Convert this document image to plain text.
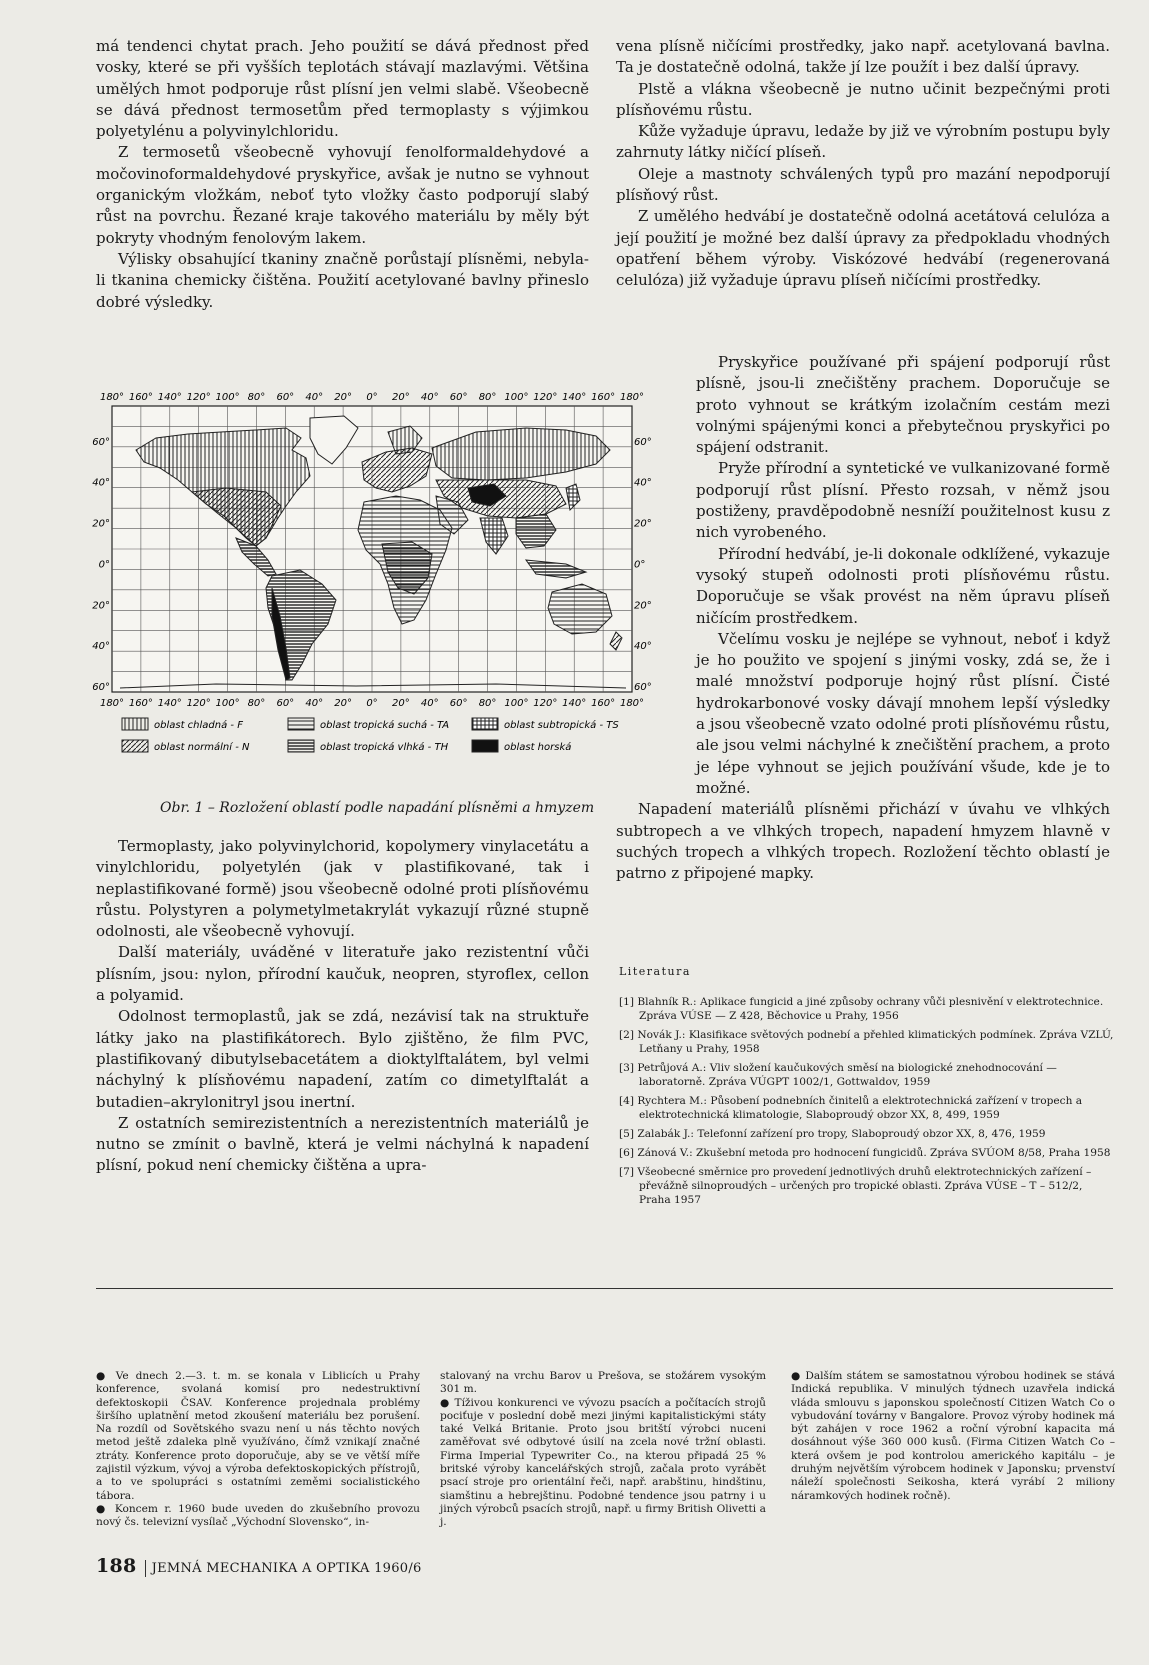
má tendenci chytat prach. Jeho použití se dává přednost před vosky, které se při vyšších teplotách stávají mazlavými. Většina umělých hmot podporuje růst plísní jen velmi slabě. Všeobecně se dává přednost termosetům před termoplasty s výjimkou polyetylénu a polyvinylchloridu.

Z termosetů všeobecně vyhovují fenolformaldehydové a močovinoformaldehydové pryskyřice, avšak je nutno se vyhnout organickým vložkám, neboť tyto vložky často podporují slabý růst na povrchu. Řezané kraje takového materiálu by měly být pokryty vhodným fenolovým lakem.

Výlisky obsahující tkaniny značně porůstají plísněmi, nebyla-li tkanina chemicky čištěna. Použití acetylované bavlny přineslo dobré výsledky.

vena plísně ničícími prostředky, jako např. acetylovaná bavlna. Ta je dostatečně odolná, takže jí lze použít i bez další úpravy.

Plstě a vlákna všeobecně je nutno učinit bezpečnými proti plísňovému růstu.

Kůže vyžaduje úpravu, ledaže by již ve výrobním postupu byly zahrnuty látky ničící plíseň.

Oleje a mastnoty schválených typů pro mazání nepodporují plísňový růst.

Z umělého hedvábí je dostatečně odolná acetátová celulóza a její použití je možné bez další úpravy za předpokladu vhodných opatření během výroby. Viskózové hedvábí (regenerovaná celulóza) již vyžaduje úpravu plíseň ničícími prostředky.

180° 160° 140° 120° 100° 80° 60° 40° 20° 0° 20° 40° 60° 80° 100° 120° 140° 160° 180°
180° 160° 140° 120° 100° 80° 60° 40° 20° 0° 20° 40° 60° 80° 100° 120° 140° 160° 180°
60°
40°
20°
0°
20°
40°
60°
60°
40°
20°
0°
20°
40°
60°
oblast chladná - F	oblast tropická suchá - TA	oblast subtropická - TS
oblast normální - N	oblast tropická vlhká - TH	oblast horská
Obr. 1 – Rozložení oblastí podle napadání plísněmi a hmyzem

Pryskyřice používané při spájení podporují růst plísně, jsou-li znečištěny prachem. Doporučuje se proto vyhnout se krátkým izolačním cestám mezi volnými spájenými konci a přebytečnou pryskyřici po spájení odstranit.

Pryže přírodní a syntetické ve vulkanizované formě podporují růst plísní. Přesto rozsah, v němž jsou postiženy, pravděpodobně nesníží použitelnost kusu z nich vyrobeného.

Přírodní hedvábí, je-li dokonale odklížené, vykazuje vysoký stupeň odolnosti proti plísňovému růstu. Doporučuje se však provést na něm úpravu plíseň ničícím prostředkem.

Včelímu vosku je nejlépe se vyhnout, neboť i když je ho použito ve spojení s jinými vosky, zdá se, že i malé množství podporuje hojný růst plísní. Čisté hydrokarbonové vosky dávají mnohem lepší výsledky a jsou všeobecně vzato odolné proti plísňovému růstu, ale jsou velmi náchylné k znečištění prachem, a proto je lépe vyhnout se jejich používání všude, kde je to možné.

Napadení materiálů plísněmi přichází v úvahu ve vlhkých subtropech a ve vlhkých tropech, napadení hmyzem hlavně v suchých tropech a vlhkých tropech. Rozložení těchto oblastí je patrno z připojené mapky.

Termoplasty, jako polyvinylchorid, kopolymery vinylacetátu a vinylchloridu, polyetylén (jak v plastifikované, tak i neplastifikované formě) jsou všeobecně odolné proti plísňovému růstu. Polystyren a polymetylmetakrylát vykazují různé stupně odolnosti, ale všeobecně vyhovují.

Další materiály, uváděné v literatuře jako rezistentní vůči plísním, jsou: nylon, přírodní kaučuk, neopren, styroflex, cellon a polyamid.

Odolnost termoplastů, jak se zdá, nezávisí tak na struktuře látky jako na plastifikátorech. Bylo zjištěno, že film PVC, plastifikovaný dibutylsebacetátem a dioktylftalátem, byl velmi náchylný k plísňovému napadení, zatím co dimetylftalát a butadien–akrylonitryl jsou inertní.

Z ostatních semirezistentních a nerezistentních materiálů je nutno se zmínit o bavlně, která je velmi náchylná k napadení plísní, pokud není chemicky čištěna a upra-

Literatura

[1] Blahník R.: Aplikace fungicid a jiné způsoby ochrany vůči plesnivění v elektrotechnice. Zpráva VÚSE — Z 428, Běchovice u Prahy, 1956

[2] Novák J.: Klasifikace světových podnebí a přehled klimatických podmínek. Zpráva VZLÚ, Letňany u Prahy, 1958

[3] Petrůjová A.: Vliv složení kaučukových směsí na biologické znehodnocování — laboratorně. Zpráva VÚGPT 1002/1, Gottwaldov, 1959

[4] Rychtera M.: Působení podnebních činitelů a elektrotechnická zařízení v tropech a elektrotechnická klimatologie, Slaboproudý obzor XX, 8, 499, 1959

[5] Zalabák J.: Telefonní zařízení pro tropy, Slaboproudý obzor XX, 8, 476, 1959

[6] Zánová V.: Zkušební metoda pro hodnocení fungicidů. Zpráva SVÚOM 8/58, Praha 1958

[7] Všeobecné směrnice pro provedení jednotlivých druhů elektrotechnických zařízení – převážně silnoproudých – určených pro tropické oblasti. Zpráva VÚSE – T – 512/2, Praha 1957

● Ve dnech 2.—3. t. m. se konala v Liblicích u Prahy konference, svolaná komisí pro nedestruktivní defektoskopii ČSAV. Konference projednala problémy širšího uplatnění metod zkoušení materiálu bez porušení. Na rozdíl od Sovětského svazu není u nás těchto nových metod ještě zdaleka plně využíváno, čímž vznikají značné ztráty. Konference proto doporučuje, aby se ve větší míře zajistil výzkum, vývoj a výroba defektoskopických přístrojů, a to ve spolupráci s ostatními zeměmi socialistického tábora.

● Koncem r. 1960 bude uveden do zkušebního provozu nový čs. televizní vysílač „Východní Slovensko“, in-

stalovaný na vrchu Barov u Prešova, se stožárem vysokým 301 m.

● Tíživou konkurenci ve vývozu psacích a počítacích strojů pociťuje v poslední době mezi jinými kapitalistickými státy také Velká Britanie. Proto jsou britští výrobci nuceni zaměřovat své odbytové úsilí na zcela nové tržní oblasti. Firma Imperial Typewriter Co., na kterou připadá 25 % britské výroby kancelářských strojů, začala proto vyrábět psací stroje pro orientální řeči, např. arabštinu, hindštinu, siamštinu a hebrejštinu. Podobné tendence jsou patrny i u jiných výrobců psacích strojů, např. u firmy British Olivetti a j.

● Dalším státem se samostatnou výrobou hodinek se stává Indická republika. V minulých týdnech uzavřela indická vláda smlouvu s japonskou společností Citizen Watch Co o vybudování továrny v Bangalore. Provoz výroby hodinek má být zahájen v roce 1962 a roční výrobní kapacita má dosáhnout výše 360 000 kusů. (Firma Citizen Watch Co – která ovšem je pod kontrolou amerického kapitálu – je druhým největším výrobcem hodinek v Japonsku; prvenství náleží společnosti Seikosha, která vyrábí 2 miliony náramkových hodinek ročně).

188 JEMNÁ MECHANIKA A OPTIKA 1960/6
